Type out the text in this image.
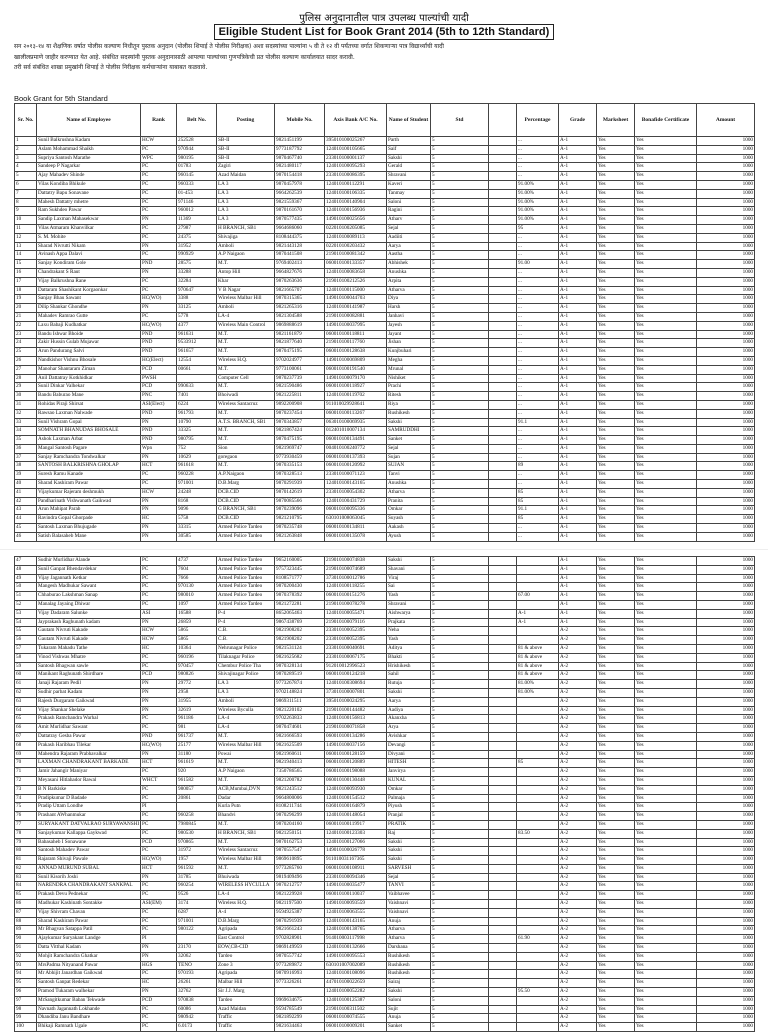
पुलिस अनुदानातील पात्र उपलब्ध पाल्यांची यादी
Eligible Student List for Book Grant 2014 (5th to 12th Standard)
सन २०१३-१४ या शैक्षणिक वर्षात पोलीस कल्याण निधीतून पुस्तक अनुदान (पोलीस शिपाई ते पोलीस निरीक्षक) अशा सदस्यांच्या पाल्यांना ५ वी ते १२ वी पर्यंतच्या वर्गात शिकणाऱ्या पात्र विद्यार्थ्यांची यादी
खालीलप्रमाणे जाहीर करण्यात येत आहे. संबंधित सदस्यांनी पुस्तक अनुदानासाठी आपल्या पाल्यांच्या गुणपत्रिकेची प्रत पोलीस कल्याण कार्यालयात सादर करावी.
तरी सर्व संबंधित शाखा प्रमुखांनी शिपाई ते पोलीस निरीक्षक कर्मचाऱ्यांना याबाबत कळवावे.
Book Grant for 5th Standard
Sr. No.	Name of Employee	Rank	Belt No.	Posting	Mobile No.	Axis Bank A/C No.	Name of Student	Std		Percentage	Grade	Marksheet	Bonafide Certificate	Amount
1	Sunil Balkrushna Kadam	HCW	252528	SB-II	9821451199	395010100025267	Parth	5		...	A-1	Yes	Yes	1000
2	Aslam Mohammad Shaikh	PC	970944	SB-II	9773187792	124010100105665	Saif	5		...	A-1	Yes	Yes	1000
3	Supriya Santosh Marathe	WPC	980195	SB-II	9870467740	233010100001137	Sakshi	5		...	A-1	Yes	Yes	1000
4	Sandeep P Nagarkar	PC	01783	Zagiri	9821480117	124010100095293	Gerald	5		...	A-1	Yes	Yes	1000
5	Ajay Mahadev Shinde	PC	960145	Azad Maidan	9870154418	233010100086395	Shravani	5		...	A-1	Yes	Yes	1000
6	Vilas Kondiba Bhikule	PC	960333	LA 3	9870457978	124010100112291	Kaveri	5		91.00%	A-1	Yes	Yes	1000
7	Dattatry Bapu Sonavane	PC	01-453	LA 3	9664262539	124010100106335	Tanmay	5		91.00%	A-1	Yes	Yes	1000
8	Mahesh Dattatry mhetre	PC	971146	LA 3	9821559367	124010100140904	Saloni	5		91.00%	A-1	Yes	Yes	1000
9	Ram Sukhdeo Pawar	PC	960012	LA 3	9870161670	124010100156936	Ragini	5		91.00%	A-1	Yes	Yes	1000
10	Sandip Laxman Mahasekwar	PN	11369	LA 3	9870577435	149010100025656	Atharv	5		91.00%	A-1	Yes	Yes	1000
11	Vilas Atmaram Khanvilkar	PC	27987	H BRANCH, SB1	9664686060	022010100205085	Sejal	5		95	A-1	Yes	Yes	1000
12	S. M. Mohite	PC	24375	Shivajiga	8108444375	124010100089113	Aadiiti	5		...	A-1	Yes	Yes	1000
13	Sharad Nivrutti Nikam	PN	31952	Amboli	9821443128	022010100203432	Aarya	5		...	A-1	Yes	Yes	1000
14	Avinash Appa Dalavi	PC	990929	A.P Naigaon	9870441508	219010100081342	Aastha	5		...	A-1	Yes	Yes	1000
15	Sanjay Kondiram Gole	PND	28575	M.T.	9769402413	060010100133357	Abhishek	5		91.00	A-1	Yes	Yes	1000
16	Chandrakant S Raut	PN	33288	Antop Hill	9664827676	124010100083658	Anushka	5		...	A-1	Yes	Yes	1000
17	Vijay Balkrushna Rane	PC	32284	Khar	9870263636	219010100212526	Arpita	5		...	A-1	Yes	Yes	1000
18	Dattaram Shashikant Korgaonkar	PC	970647	V B Nagar	9821665707	124010100115000	Atharva	5		...	A-1	Yes	Yes	1000
19	Sanjay Bhau Sawant	HC(WO)	3388	Wireless Malbar Hill	9870315365	149010100044703	Diya	5		...	A-1	Yes	Yes	1000
20	Dilip Shankar Ghondhe	PN	33125	Amboli	9821265316	124010100141987	Harsh	5		...	A-1	Yes	Yes	1000
21	Mahadev Ramrao Gutte	PC	5778	LA-4	9821304588	219010100082881	Janhavi	5		...	A-1	Yes	Yes	1000
22	Laxu Babaji Kudhatkar	HC(WO)	4377	Wireless Main Control	9869888619	149010100037995	Jayesh	5		...	A-1	Yes	Yes	1000
23	Bandu Ishwar Bhoide	PND	961631	M.T.	9821161879	060010100118811	Jayant	5		...	A-1	Yes	Yes	1000
24	Zakir Hussin Gulab Mujawar	PND	9533912	M.T.	9821877640	219010100117760	Jishan	5		...	A-1	Yes	Yes	1000
25	Arun Pandurang Salvi	PND	961657	M.T.	9870475195	060010100128638	Kunjbuhari	5		...	A-1	Yes	Yes	1000
26	Nandkishor Vishnu Bhosale	HC(Elect)	12554	Wireless H.Q.	9702024977	149010100069809	Megha	5		...	A-1	Yes	Yes	1000
27	Manohar Shantaram Ziman	PCD	00661	M.T.	9773100061	060010100191540	Mrunal	5		...	A-1	Yes	Yes	1000
28	Anil Dattatray Kotkhidkar	PWSH		Computer Cell	9870237739	149010100079170	Nishiket	5		...	A-1	Yes	Yes	1000
29	Sunil Dinkar Valhekar	PCD	990633	M.T.	9821590486	060010100118927	Prachi	5		...	A-1	Yes	Yes	1000
30	Bandu Baburao Mane	PNC	7401	Bhoiwadi	9821225811	124010100119702	Ritesh	5		...	A-1	Yes	Yes	1000
31	Rohidas Piraji Shirsat	ASI(Elect)	6224	Wireless Santacruz	9892200908	911010029928641	Riya	5		...	A-1	Yes	Yes	1000
32	Rawsao Laxman Nalwade	PND	961793	M.T.	9870237454	060010100113267	Rushikesh	5		...	A-1	Yes	Yes	1000
33	Sunil Vishram Gopal	PN	10790	A.T.S. BRANCH, SB1	9870343857	063010100069935	Sakshi	5		91.1	A-1	Yes	Yes	1000
34	SOMNATH BHANUDAS BHOSALE	PND	33325	M.T.	9821867424	012401010007134	SAMRUDDHI	5		...	A-1	Yes	Yes	1000
35	Ashok Laxman Arbat	PND	980795	M.T.	9870475195	060010100134491	Sanket	5		...	A-1	Yes	Yes	1000
36	Mangal Santosh Pagare	Wpn	752	Sion	9821969747	004010100240772	Sejal	5		...	A-1	Yes	Yes	1000
37	Sanjay Ramchandra Tondwalkar	PN	10629	goregaon	9773930459	060010100137393	Sujan	5		...	A-1	Yes	Yes	1000
38	SANTOSH BALKRISHNA GHOLAP	HCT	961618	M.T.	9870335153	060010100120992	SUJAN	5		89	A-1	Yes	Yes	1000
39	Suresh Ramu Kanade	PC	960228	A.P.Naigaon	9870328513	233010100071123	Tanvi	5		...	A-1	Yes	Yes	1000
40	Sharad Kashiram Pawar	PC	971001	D.B.Marg	9870291939	124010100143165	Anushka	5		...	A-1	Yes	Yes	1000
41	Vijaykumar Rajeram deshmukh	HCW	24248	DCB.CID	9870142619	233010100054302	Atharva	5		85	A-1	Yes	Yes	1000
42	Pandharinath Vishwanath Gaikwad	PN	8168	DCB.CID	9870085566	124010100431729	Pranita	5		85	A-1	Yes	Yes	1000
43	Arun Mahipat Parab	PN	9096	G BRANCH, SB1	9870239096	060010100095336	Omkar	5		91.1	A-1	Yes	Yes	1000
44	Ravindra Gopal Ghorpade	HC	5758	DCB.CID	9821210795	630101008063045	Suyash	5		85	A-1	Yes	Yes	1000
45	Santosh Laxman Bhujugade	PN	33315	Armed Police Tardeo	9870235748	060010100134811	Aakash	5		...	A-1	Yes	Yes	1000
46	Satish Balasaheb Mane	PN	30585	Armed Police Tardeo	9821263848	060010100135078	Ayush	5		...	A-1	Yes	Yes	1000
47	Sudhir Murlidhar Alande	PC	4737	Armed Police Tardeo	9652160005	219010100074838	Sakshi	5			A-1	Yes	Yes	1000
48	Sunil Ganpat Bhendavdekar	PC	7604	Armed Police Tardeo	9757323445	219010100074689	Shavani	5			A-1	Yes	Yes	1000
49	Vijay Jagannath Ketkar	PC	7666	Armed Police Tardeo	8108571777	373010100012786	Viraj	5			A-1	Yes	Yes	1000
50	Mangesh Madhukar Sawant	PC	970130	Armed Police Tardeo	9870200430	124010100118255	Sai	5			A-1	Yes	Yes	1000
51	Chhaburao Lakshman Sanap	PC	980010	Armed Police Tardeo	9870378392	060010100151276	Yash	5		67.00	A-1	Yes	Yes	1000
52	Manalag Jayaing Dhiwar	PC	1097	Armed Police Tardeo	9821272281	219010100078278	Shravani	5			A-1	Yes	Yes	1000
53	Vijay Dadaram Salunke	ASI	16588	P-4	8652065463	124010100055471	Aishwarya	5		A-1	A-1	Yes	Yes	1000
54	Jayprakash Raghunath kadam	PN	26859	P-4	9867438769	219010100079116	Prajkata	5		A-1	A-1	Yes	Yes	1000
55	Gautam Nivruti Kakade	HCW	5865	C.B.	9821908202	233010100052395	Neha	5			A-2	Yes	Yes	1000
56	Gautam Nivruti Kakade	HCW	5865	C.B.	9821908202	233010100052395	Yash	5			A-2	Yes	Yes	1000
57	Tukaram Mahadu Tathe	HC	10364	Nehrunagar Police	9821531124	233010100040691	Aditya	5		81 & above	A-2	Yes	Yes	1000
58	Vinod Vishwas Mhatre	PC	960196	Tilaknagar Police	9821625682	233010100067175	Bhakti	5		81 & above	A-2	Yes	Yes	1000
59	Santosh Bhagwan sawle	PC	970457	Chembur Police Tha	9870328134	912010012996523	Hrishikesh	5		81 & above	A-2	Yes	Yes	1000
60	Manikant Raghunath Shirdhare	PCD	980826	Shivajinagar Police	9870289519	060010100124218	Sahil	5		81 & above	A-2	Yes	Yes	1000
61	Janaji Rajaram Pedil	PN	29772	LA 3	9773267874	124010100308694	Rutuja	5		81.00%	A-2	Yes	Yes	1000
62	Sudhir parbat Kadam	PN	2958	LA 3	9702148824	373010100007801	Sakshi	5		81.00%	A-2	Yes	Yes	1000
63	Rajesh Durgaram Gaikwad	PN	31955	Amboli	9869311511	395010100024295	Aarya	5			A-2	Yes	Yes	1000
64	Vijay Shankar Shelake	PN	32619	Wireless Byculla	9821220102	219010100144482	Aadiya	5			A-2	Yes	Yes	1000
65	Prakash Ramchandra Warhal	PC	961186	LA-4	9702263833	124010100156813	Akanxha	5			A-2	Yes	Yes	1000
66	Amit Murlidhar Sawant	PC	981	LA-4	9870474601	219010100071858	Arya	5			A-2	Yes	Yes	1000
67	Dattatray Gesba Pawar	PND	961737	M.T.	9821666593	060010100134286	Avishkar	5			A-2	Yes	Yes	1000
68	Prakash Haribhau Tilekar	HC(WO)	25177	Wireless Malbar Hill	9821625509	149010100037156	Devangi	5			A-2	Yes	Yes	1000
69	Mahendra Rajaram Prabhavalkar	PN	31180	Powai	9821960611	060010100128159	Divyani	5			A-2	Yes	Yes	1000
70	LAXMAN CHANDRAKANT BARKADE	HCT	961619	M.T.	9821940413	060010100120889	HITESH	5		85	A-2	Yes	Yes	1000
71	Jamir Jahangir Maniyar	PC	920	A.P Naigaon	7350786565	060010100198088	Janvirya	5			A-2	Yes	Yes	1000
72	Meyasani Hitlahador Rawal	WHCT	961582	M.T.	9821200782	060010100130448	KUNAL	5			A-2	Yes	Yes	1000
73	B N Barkiske	PC	980057	ACB,Mumbai,DVN	9821243512	124010100093930	Omkar	5			A-2	Yes	Yes	1000
74	Pradipkumar D Badade	PC	20861	Dadar	9664800006	124010100154512	Palmaja	5			A-2	Yes	Yes	1000
75	Pradip Uttam Londhe	PI		Kurla Putn	8108211744	636010100164879	Piyush	5			A-2	Yes	Yes	1000
76	Prashant AWhanmukar	PC	960258	Bhandvi	9870296299	124010100148054	Pranjal	5			A-2	Yes	Yes	1000
77	SURYAKANT DATVALRAO SURYAWANSHI	PC	7980845	M.T.	9870204160	060010100119917	PRATIK	5			A-2	Yes	Yes	1000
78	Sanjaykumar Kallappa Gaykwad	PC	980530	H BRANCH, SB1	9821250151	124010100123303	Raj	5		83.50	A-2	Yes	Yes	1000
79	Babasaheb I Sonawane	PCD	970865	M.T.	9870162753	124010100127066	Sakshi	5			A-2	Yes	Yes	1000
80	Santosh Mahadev Pawar	PC	31972	Wireless Santacruz	9870557547	149010100026778	Sakshi	5			A-2	Yes	Yes	1000
81	Rajaram Shivaji Pawale	HC(WO)	1957	Wireless Malbar Hill	9869610895	911010031167365	Sakshi	5			A-2	Yes	Yes	1000
82	ANNAD MURUND SUBAL	HCT	961592	M.T.	9773285760	060010100108911	SARVESH	5			A-2	Yes	Yes	1000
83	Sunil Kisorih Joshi	PN	31785	Bhuiwada	9819409496	233010100094346	Sejal	5			A-2	Yes	Yes	1000
84	NARENDRA CHANDRAKANT SANKPAL	PC	960254	WIRELESS HYCULLA	9870212757	149010100035477	TANVI	5			A-2	Yes	Yes	1000
85	Prakash Devu Pednekar	PC	9526	LA-4	9821229928	060010100110037	Vaibhavee	5			A-2	Yes	Yes	1000
86	Madhukar Kashinath Sontakke	ASI(EM)	3174	Wireless H.Q.	9821197500	149010100093559	Vaishnavi	5			A-2	Yes	Yes	1000
87	Vijay Shivram Chavan	PC	6287	A-4	9594925387	124010100063555	Vaishnavi	5			A-2	Yes	Yes	1000
88	Sharad Kashiram Pawar	PC	971001	D.B.Marg	9870291939	124010100143165	Anuja	5			A-2	Yes	Yes	1000
89	Mr Bhagvan Satappa Patil	PC	980122	Agripada	9821661243	124010100138765	Atharva	5			A-2	Yes	Yes	1000
90	Ajaykumar Suryakant Landge	PI		East Control	9702828901	914010003117998	Atharva	5		61.90	A-2	Yes	Yes	1000
91	Datta Vitthal Kadam	PN	23170	EOW,CB-CID	9869149959	124010100132666	Darshana	5			A-2	Yes	Yes	1000
92	Mohjit Ramchandra Ghatkar	PN	32062	Tardeo	9870557742	149010100095553	Rushikesh	5			A-2	Yes	Yes	1000
93	MrsPadma Nityanand Pawar	HGS	TENO	Zone 3	9773289872	630101007002089	Rushikesh	5			A-2	Yes	Yes	1000
94	Mr Abhijit Janardhan Gaikwad	PC	970193	Agripada	9870916993	124010100108096	Rushikesh	5			A-2	Yes	Yes	1000
95	Santosh Ganpat Redekar	HC	26261	Malbar Hill	9773326261	447010100022659	Sairaj	5			A-2	Yes	Yes	1000
96	Pramod Tukaram walhekar	PN	32762	Sir J.J. Marg		124010100052282	Sakshi	5		95.50	A-2	Yes	Yes	1000
97	MrSangitkumar Baban Tekwade	PCD	970838	Tardeo	9969634675	124010100125387	Saloni	5			A-2	Yes	Yes	1000
98	Navnath Jagannath Lokhande	PC	60086	Azad Maidan	9594785549	219010100311502	Sujit	5			A-2	Yes	Yes	1000
99	Dhandiba Janu Bandhare	PC	980942	Traffic	9821892299	060010100074555	Anuja	5			A-2	Yes	Yes	1000
100	Bhikaji Ramnath Ugale	PC	6.0173	Traffic	9821634463	060010100009201	Sanket	5			A-2	Yes	Yes	1000
